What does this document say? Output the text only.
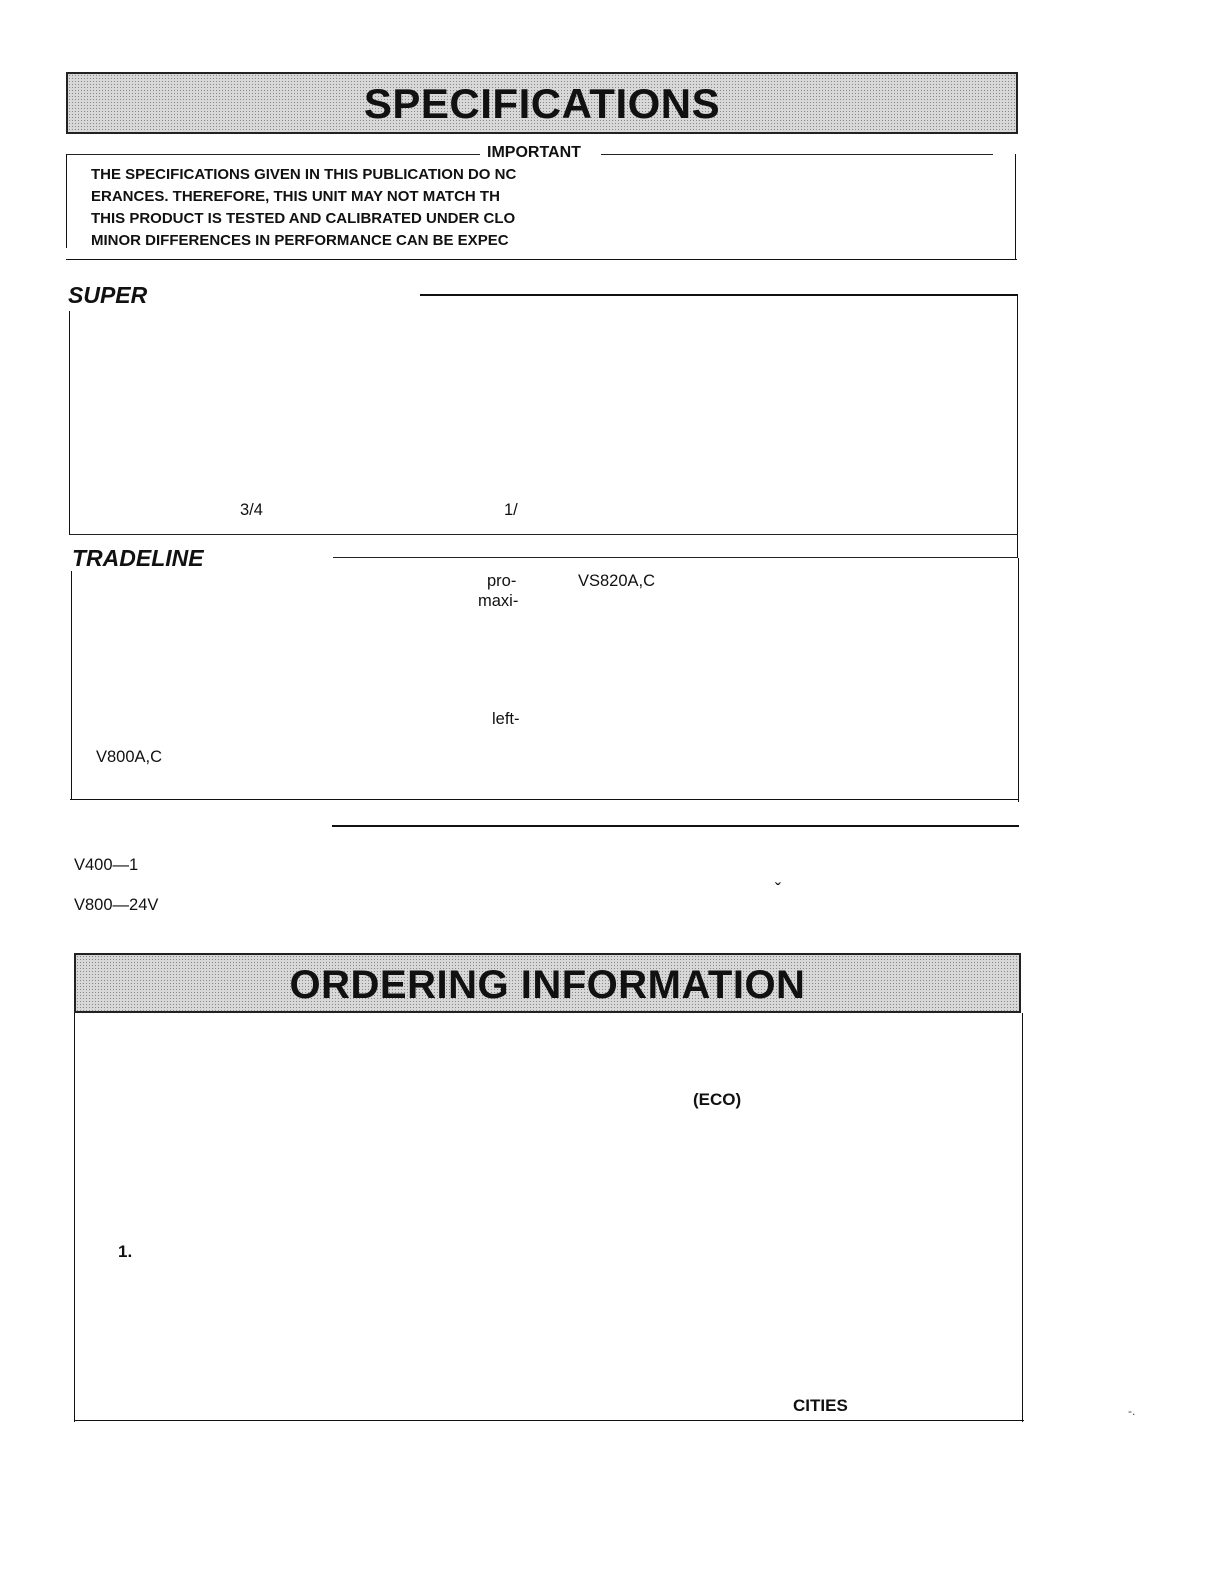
SPECIFICATIONS
IMPORTANT
THE SPECIFICATIONS GIVEN IN THIS PUBLICATION DO NC
ERANCES. THEREFORE, THIS UNIT MAY NOT MATCH TH
THIS PRODUCT IS TESTED AND CALIBRATED UNDER CLO
MINOR DIFFERENCES IN PERFORMANCE CAN BE EXPEC
SUPER
3/4	1/
TRADELINE
pro-
maxi-
VS820A,C
left-
V800A,C
V400—1
V800—24V
ˇ
ORDERING INFORMATION
(ECO)
1.
CITIES	-.
